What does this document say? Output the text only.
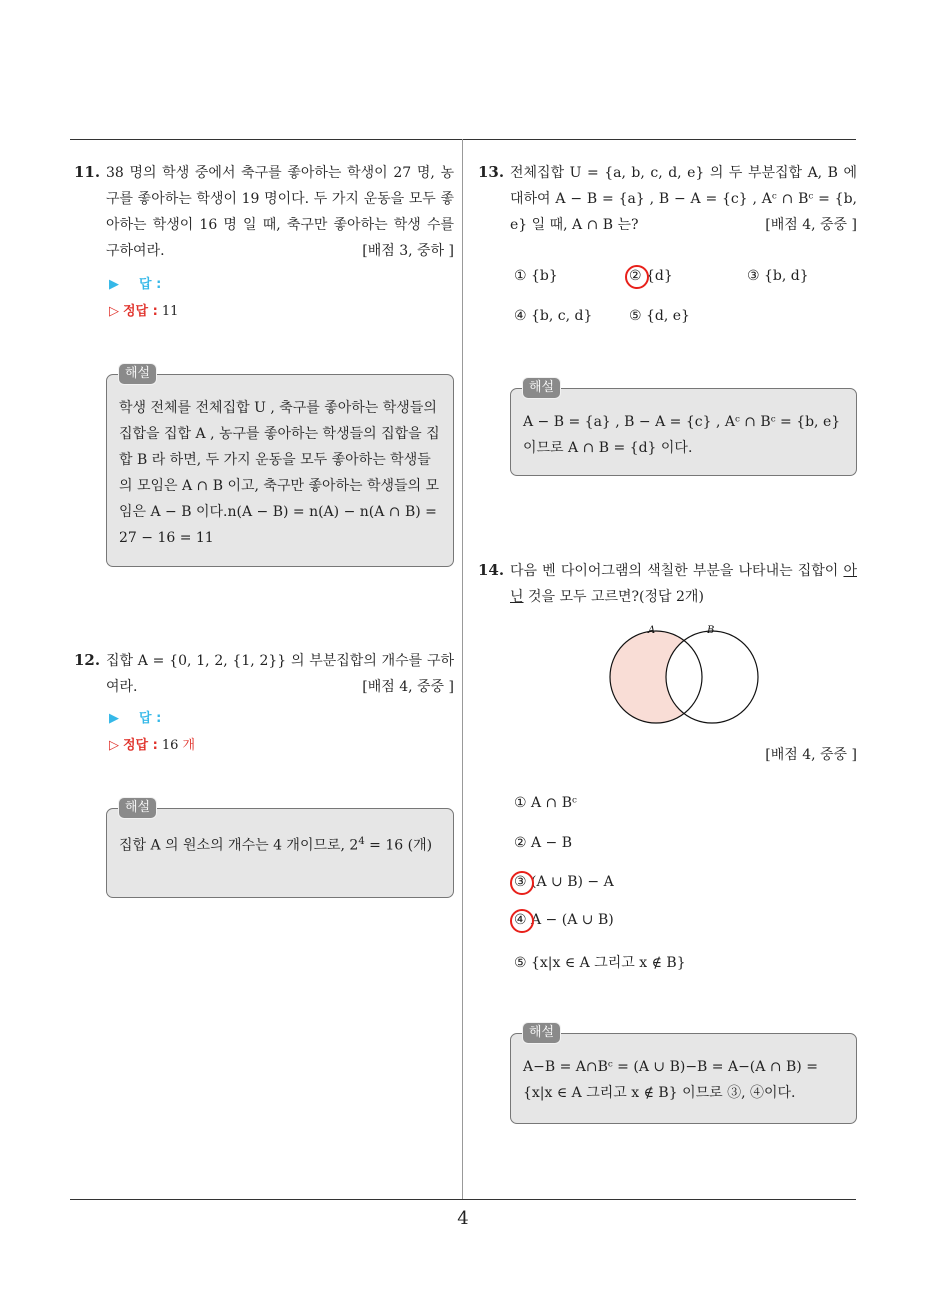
11. 38 명의 학생 중에서 축구를 좋아하는 학생이 27 명, 농구를 좋아하는 학생이 19 명이다. 두 가지 운동을 모두 좋아하는 학생이 16 명 일 때, 축구만 좋아하는 학생 수를 구하여라.	[배점 3, 중하 ]
▶ 답 :
▷ 정답 : 11
학생 전체를 전체집합 U , 축구를 좋아하는 학생들의 집합을 집합 A , 농구를 좋아하는 학생들의 집합을 집합 B 라 하면, 두 가지 운동을 모두 좋아하는 학생들의 모임은 A ∩ B 이고, 축구만 좋아하는 학생들의 모임은 A − B 이다.n(A − B) = n(A) − n(A ∩ B) = 27 − 16 = 11
해설
12. 집합 A = {0, 1, 2, {1, 2}} 의 부분집합의 개수를 구하여라.	[배점 4, 중중 ]
▶ 답 :
▷ 정답 : 16 개
집합 A 의 원소의 개수는 4 개이므로, $2^4 = 16$ (개)
해설
13. 전체집합 U = {a, b, c, d, e} 의 두 부분집합 A, B 에 대하여 A − B = {a} , B − A = {c} , Aᶜ ∩ Bᶜ = {b, e} 일 때, A ∩ B 는?	[배점 4, 중중 ]
① {b}	② {d}	③ {b, d}
④ {b, c, d}	⑤ {d, e}
A − B = {a} , B − A = {c} , Aᶜ ∩ Bᶜ = {b, e} 이므로 A ∩ B = {d} 이다.
해설
14. 다음 벤 다이어그램의 색칠한 부분을 나타내는 집합이 아닌 것을 모두 고르면?(정답 2개)
A	B
[배점 4, 중중 ]
① A ∩ Bᶜ
② A − B
③ (A ∪ B) − A
④ A − (A ∪ B)
⑤ {x|x ∈ A 그리고 x ∉ B}
A−B = A∩Bᶜ = (A ∪ B)−B = A−(A ∩ B) = {x|x ∈ A 그리고 x ∉ B} 이므로 ③, ④이다.
해설
4
